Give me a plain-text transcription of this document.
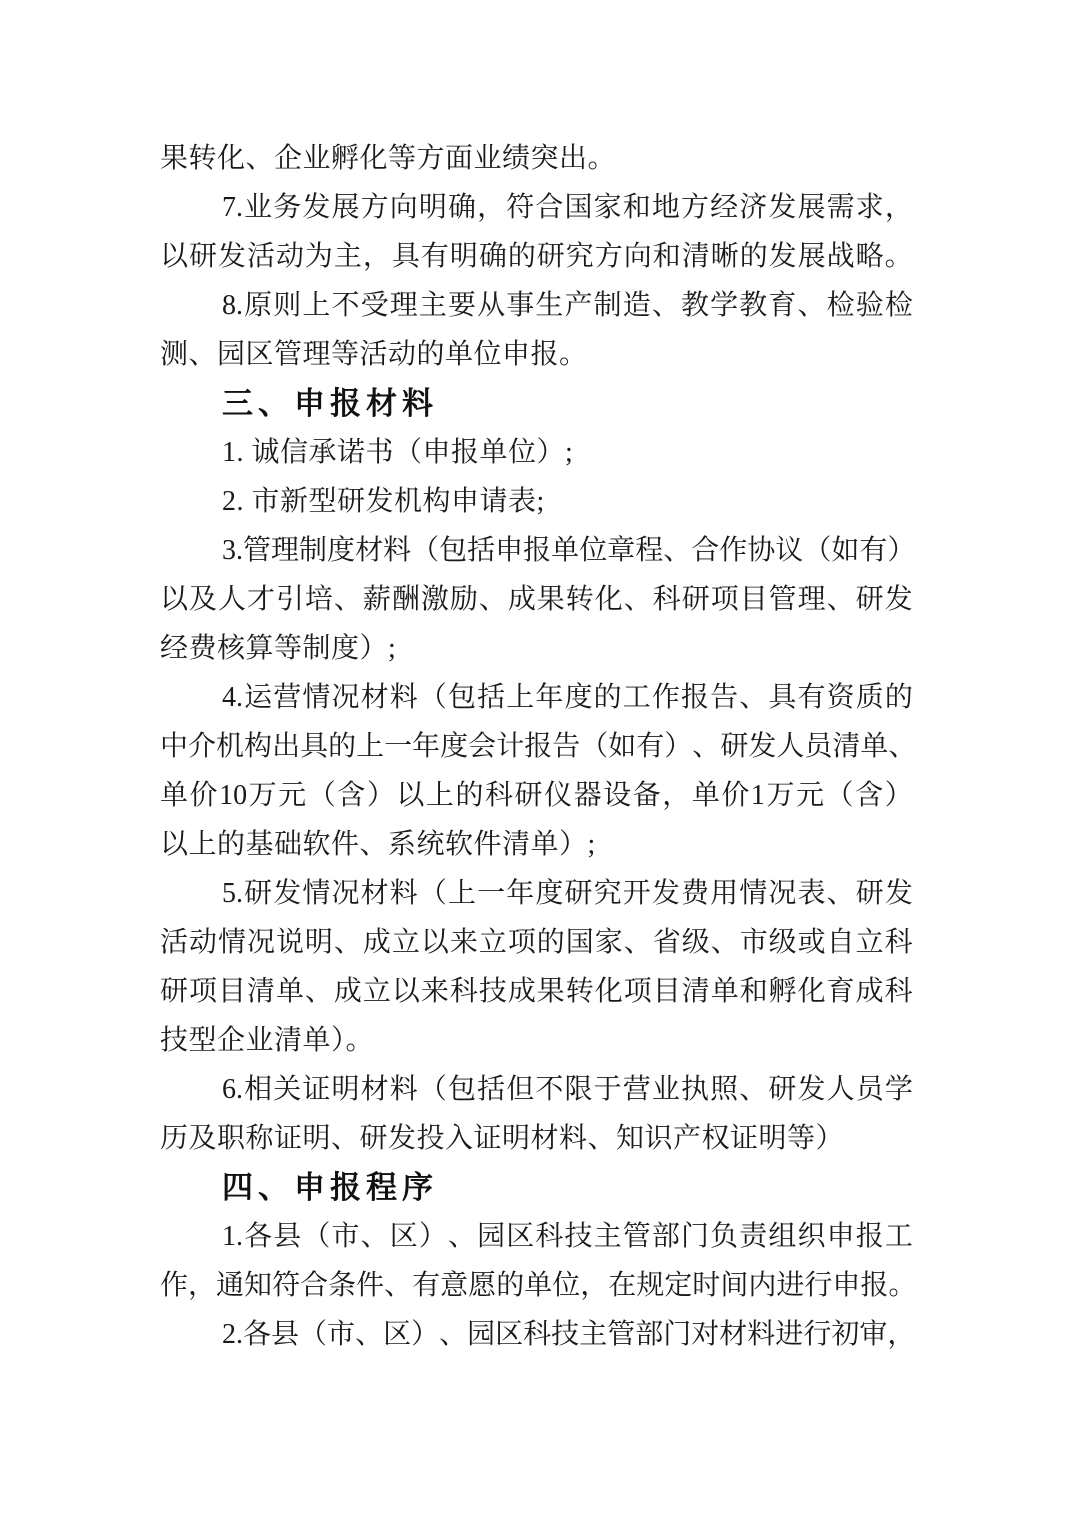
果转化、企业孵化等方面业绩突出。
7. 业 务 发 展 方 向 明 确 ， 符 合 国 家 和 地 方 经 济 发 展 需 求 ，
以 研 发 活 动 为 主 ， 具 有 明 确 的 研 究 方 向 和 清 晰 的 发 展 战 略 。
8. 原 则 上 不 受 理 主 要 从 事 生 产 制 造 、 教 学 教 育 、 检 验 检
测、园区管理等活动的单位申报。
三、申报材料
1. 诚信承诺书（申报单位）;
2. 市新型研发机构申请表;
3. 管 理 制 度 材 料 （ 包 括 申 报 单 位 章 程 、 合 作 协 议 （ 如 有 ）
以 及 人 才 引 培 、 薪 酬 激 励 、 成 果 转 化 、 科 研 项 目 管 理 、 研 发
经费核算等制度）;
4. 运 营 情 况 材 料 （ 包 括 上 年 度 的 工 作 报 告 、 具 有 资 质 的
中 介 机 构 出 具 的 上 一 年 度 会 计 报 告 （ 如 有 ） 、 研 发 人 员 清 单 、
单 价 10 万 元 （ 含 ） 以 上 的 科 研 仪 器 设 备 ， 单 价 1 万 元 （ 含 ）
以上的基础软件、系统软件清单）;
5. 研 发 情 况 材 料 （ 上 一 年 度 研 究 开 发 费 用 情 况 表 、 研 发
活 动 情 况 说 明 、 成 立 以 来 立 项 的 国 家 、 省 级 、 市 级 或 自 立 科
研 项 目 清 单 、 成 立 以 来 科 技 成 果 转 化 项 目 清 单 和 孵 化 育 成 科
技型企业清单）。
6. 相 关 证 明 材 料 （ 包 括 但 不 限 于 营 业 执 照 、 研 发 人 员 学
历及职称证明、研发投入证明材料、知识产权证明等）
四、申报程序
1. 各 县 （ 市 、 区 ） 、 园 区 科 技 主 管 部 门 负 责 组 织 申 报 工
作 ， 通 知 符 合 条 件 、 有 意 愿 的 单 位 ， 在 规 定 时 间 内 进 行 申 报 。
2. 各 县 （ 市 、 区 ） 、 园 区 科 技 主 管 部 门 对 材 料 进 行 初 审 ，
